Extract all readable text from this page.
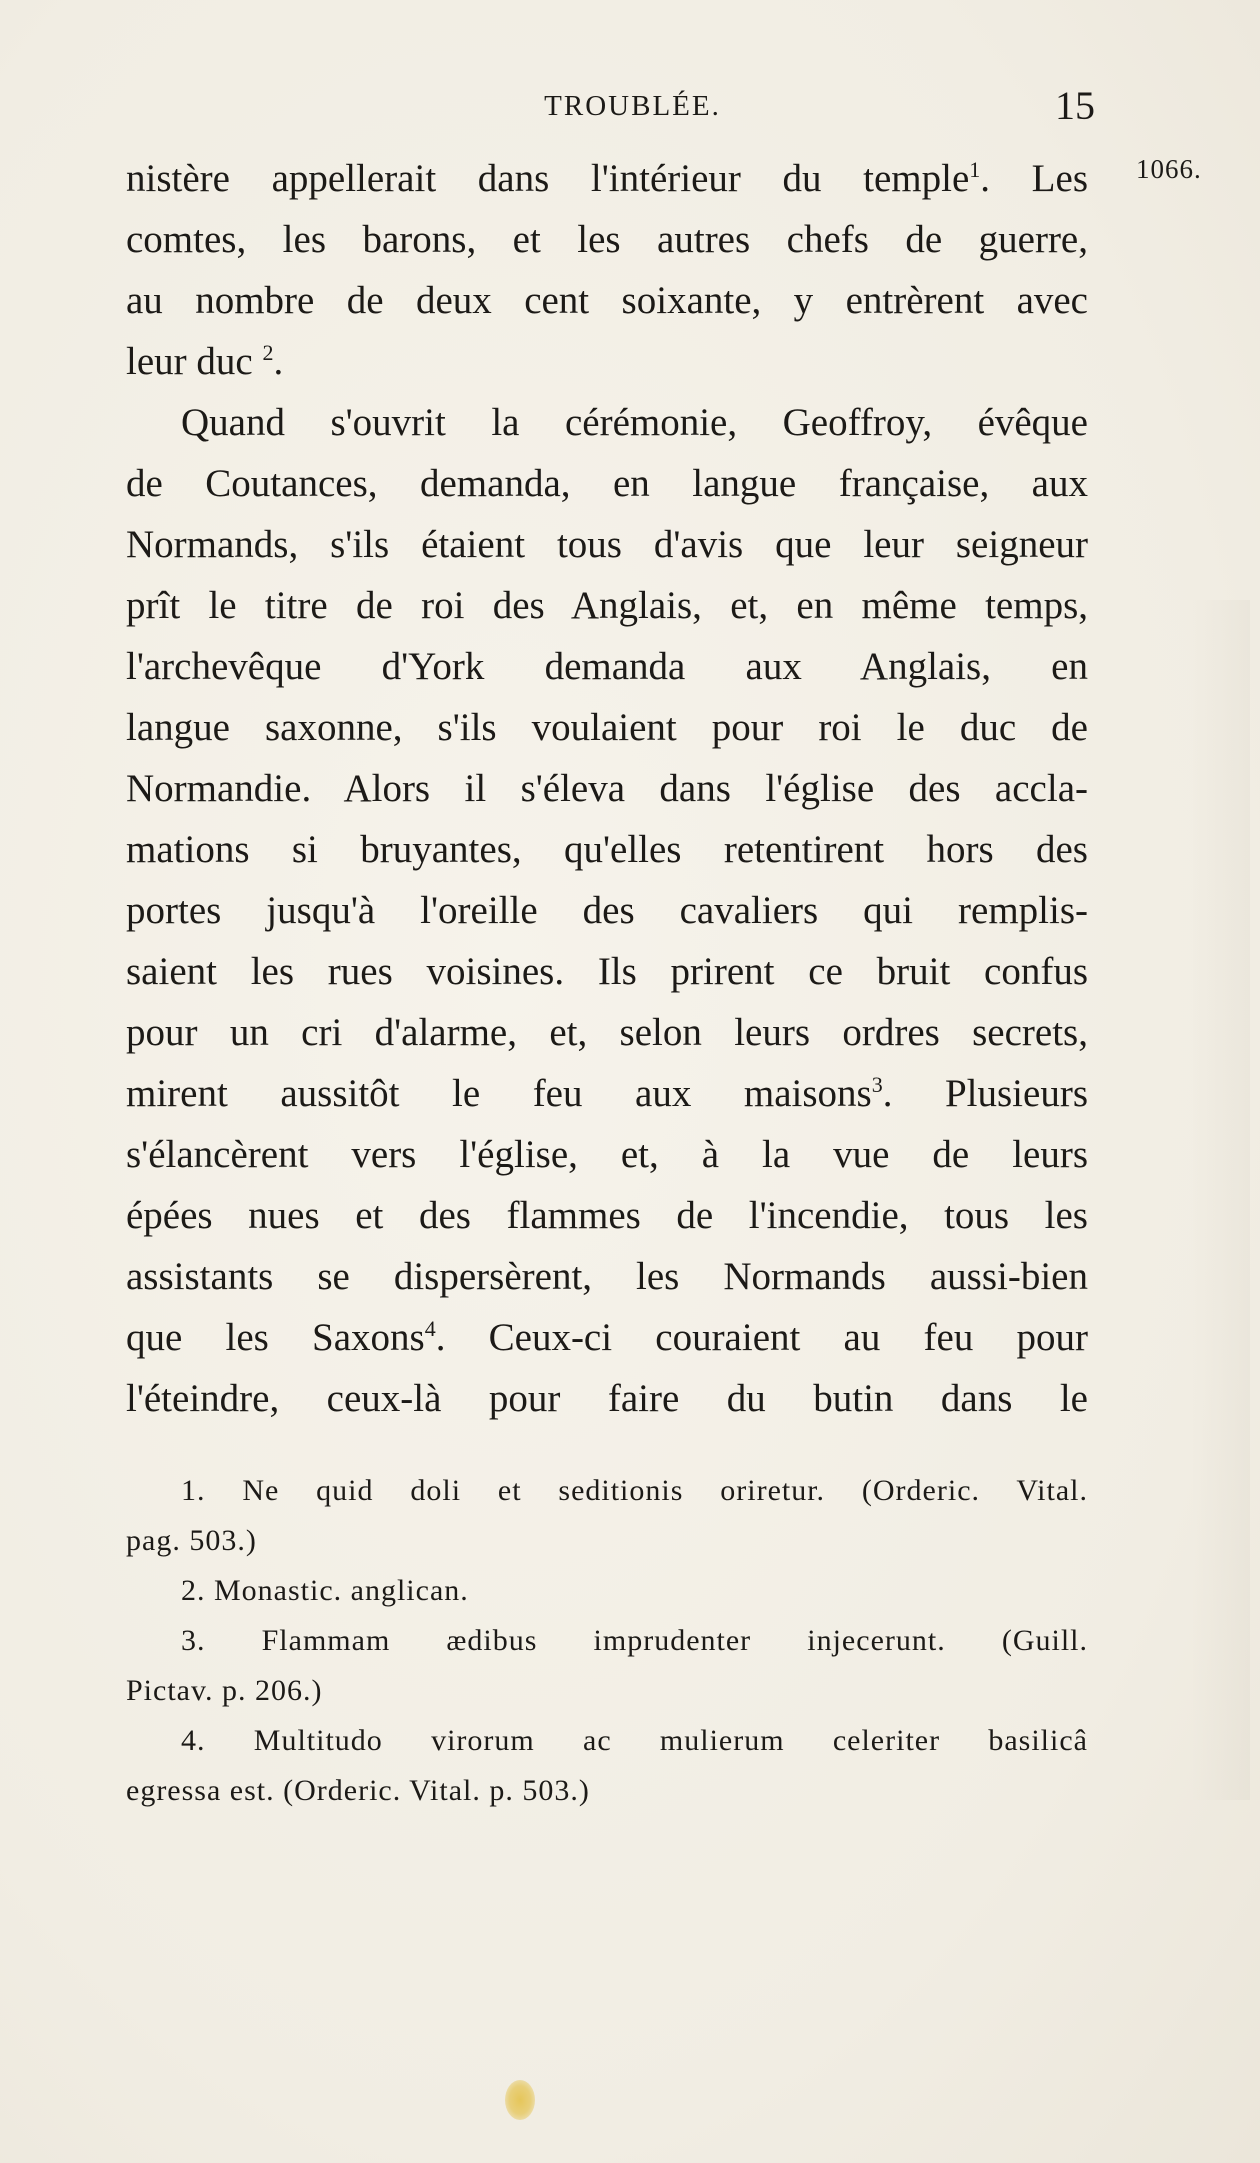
TROUBLÉE.	15
1066.
nistère appellerait dans l'intérieur du temple$^1$. Les
comtes, les barons, et les autres chefs de guerre,
au nombre de deux cent soixante, y entrèrent avec
leur duc $^2$.
Quand s'ouvrit la cérémonie, Geoffroy, évêque
de Coutances, demanda, en langue française, aux
Normands, s'ils étaient tous d'avis que leur seigneur
prît le titre de roi des Anglais, et, en même temps,
l'archevêque d'York demanda aux Anglais, en
langue saxonne, s'ils voulaient pour roi le duc de
Normandie. Alors il s'éleva dans l'église des accla-
mations si bruyantes, qu'elles retentirent hors des
portes jusqu'à l'oreille des cavaliers qui remplis-
saient les rues voisines. Ils prirent ce bruit confus
pour un cri d'alarme, et, selon leurs ordres secrets,
mirent aussitôt le feu aux maisons$^3$. Plusieurs
s'élancèrent vers l'église, et, à la vue de leurs
épées nues et des flammes de l'incendie, tous les
assistants se dispersèrent, les Normands aussi-bien
que les Saxons$^4$. Ceux-ci couraient au feu pour
l'éteindre, ceux-là pour faire du butin dans le
1. Ne quid doli et seditionis oriretur. (Orderic. Vital.
pag. 503.)
2. Monastic. anglican.
3. Flammam ædibus imprudenter injecerunt. (Guill.
Pictav. p. 206.)
4. Multitudo virorum ac mulierum celeriter basilicâ
egressa est. (Orderic. Vital. p. 503.)
